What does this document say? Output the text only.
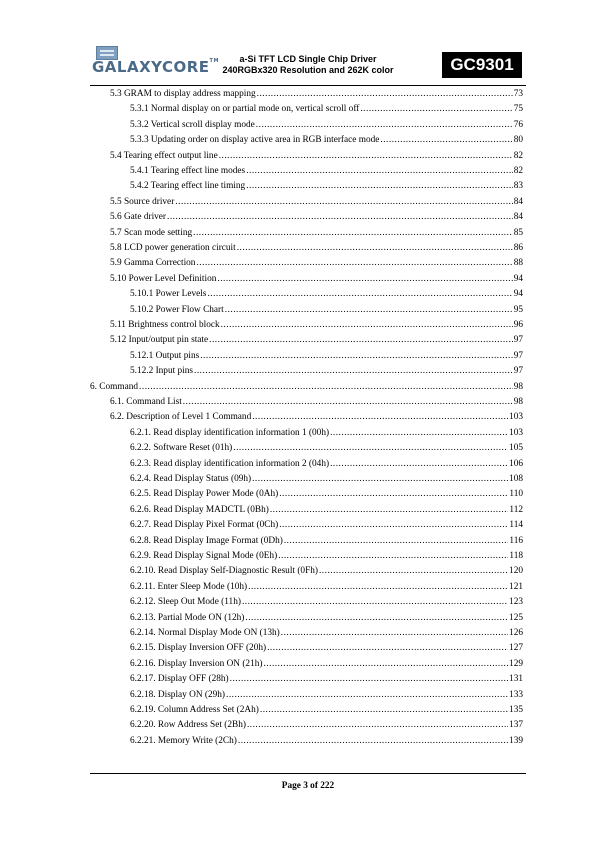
GALAXYCORE™	a-Si TFT LCD Single Chip Driver
240RGBx320 Resolution and 262K color	GC9301
5.3 GRAM to display address mapping .....	73
5.3.1 Normal display on or partial mode on, vertical scroll off .....	75
5.3.2 Vertical scroll display mode .....	76
5.3.3 Updating order on display active area in RGB interface mode .....	80
5.4 Tearing effect output line .....	82
5.4.1 Tearing effect line modes .....	82
5.4.2 Tearing effect line timing .....	83
5.5 Source driver .....	84
5.6 Gate driver .....	84
5.7 Scan mode setting .....	85
5.8 LCD power generation circuit .....	86
5.9 Gamma Correction .....	88
5.10 Power Level Definition .....	94
5.10.1 Power Levels .....	94
5.10.2 Power Flow Chart .....	95
5.11 Brightness control block .....	96
5.12 Input/output pin state .....	97
5.12.1 Output pins .....	97
5.12.2 Input pins .....	97
6. Command .....	98
6.1. Command List .....	98
6.2. Description of Level 1 Command .....	103
6.2.1. Read display identification information 1 (00h) .....	103
6.2.2. Software Reset (01h) .....	105
6.2.3. Read display identification information 2 (04h) .....	106
6.2.4. Read Display Status (09h) .....	108
6.2.5. Read Display Power Mode (0Ah) .....	110
6.2.6. Read Display MADCTL (0Bh) .....	112
6.2.7. Read Display Pixel Format (0Ch) .....	114
6.2.8. Read Display Image Format (0Dh) .....	116
6.2.9. Read Display Signal Mode (0Eh) .....	118
6.2.10. Read Display Self-Diagnostic Result (0Fh) .....	120
6.2.11. Enter Sleep Mode (10h) .....	121
6.2.12. Sleep Out Mode (11h) .....	123
6.2.13. Partial Mode ON (12h) .....	125
6.2.14. Normal Display Mode ON (13h) .....	126
6.2.15. Display Inversion OFF (20h) .....	127
6.2.16. Display Inversion ON (21h) .....	129
6.2.17. Display OFF (28h) .....	131
6.2.18. Display ON (29h) .....	133
6.2.19. Column Address Set (2Ah) .....	135
6.2.20. Row Address Set (2Bh) .....	137
6.2.21. Memory Write (2Ch) .....	139
Page 3 of 222
